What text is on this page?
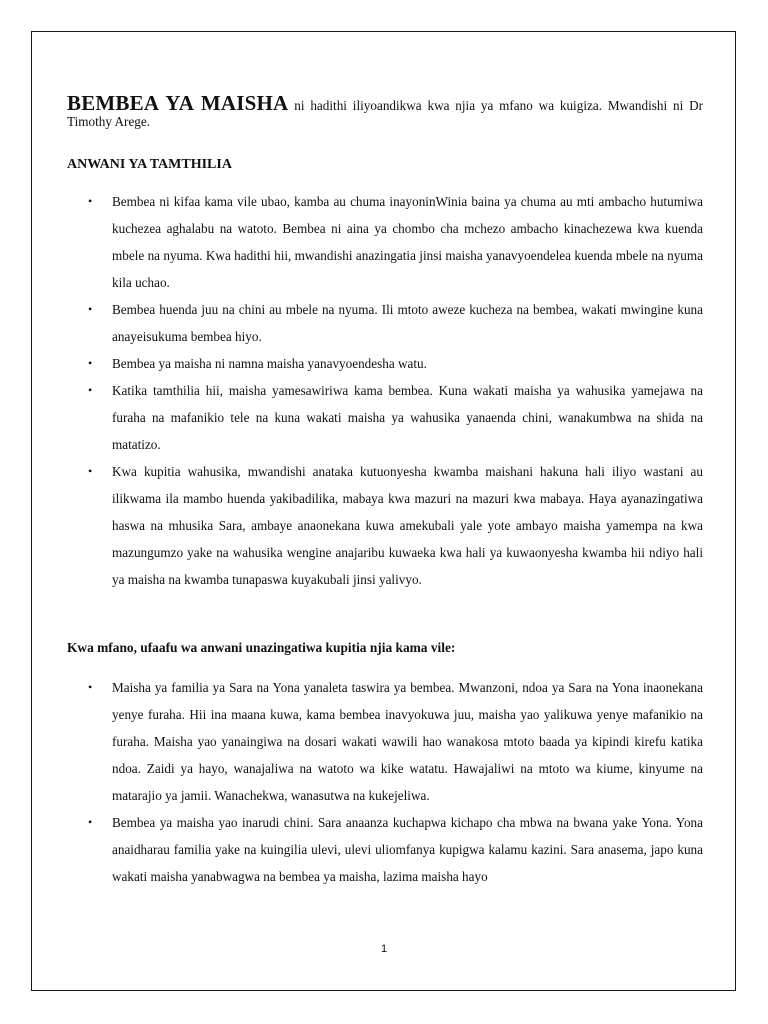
BEMBEA YA MAISHA ni hadithi iliyoandikwa kwa njia ya mfano wa kuigiza. Mwandishi ni Dr Timothy Arege.

ANWANI YA TAMTHILIA
• Bembea ni kifaa kama vile ubao, kamba au chuma inayoninWinia baina ya chuma au mti ambacho hutumiwa kuchezea aghalabu na watoto. Bembea ni aina ya chombo cha mchezo ambacho kinachezewa kwa kuenda mbele na nyuma. Kwa hadithi hii, mwandishi anazingatia jinsi maisha yanavyoendelea kuenda mbele na nyuma kila uchao.
• Bembea huenda juu na chini au mbele na nyuma. Ili mtoto aweze kucheza na bembea, wakati mwingine kuna anayeisukuma bembea hiyo.
• Bembea ya maisha ni namna maisha yanavyoendesha watu.
• Katika tamthilia hii, maisha yamesawiriwa kama bembea. Kuna wakati maisha ya wahusika yamejawa na furaha na mafanikio tele na kuna wakati maisha ya wahusika yanaenda chini, wanakumbwa na shida na matatizo.
• Kwa kupitia wahusika, mwandishi anataka kutuonyesha kwamba maishani hakuna hali iliyo wastani au ilikwama ila mambo huenda yakibadilika, mabaya kwa mazuri na mazuri kwa mabaya. Haya ayanazingatiwa haswa na mhusika Sara, ambaye anaonekana kuwa amekubali yale yote ambayo maisha yamempa na kwa mazungumzo yake na wahusika wengine anajaribu kuwaeka kwa hali ya kuwaonyesha kwamba hii ndiyo hali ya maisha na kwamba tunapaswa kuyakubali jinsi yalivyo.
Kwa mfano, ufaafu wa anwani unazingatiwa kupitia njia kama vile:
• Maisha ya familia ya Sara na Yona yanaleta taswira ya bembea. Mwanzoni, ndoa ya Sara na Yona inaonekana yenye furaha. Hii ina maana kuwa, kama bembea inavyokuwa juu, maisha yao yalikuwa yenye mafanikio na furaha. Maisha yao yanaingiwa na dosari wakati wawili hao wanakosa mtoto baada ya kipindi kirefu katika ndoa. Zaidi ya hayo, wanajaliwa na watoto wa kike watatu. Hawajaliwi na mtoto wa kiume, kinyume na matarajio ya jamii. Wanachekwa, wanasutwa na kukejeliwa.
• Bembea ya maisha yao inarudi chini. Sara anaanza kuchapwa kichapo cha mbwa na bwana yake Yona. Yona anaidharau familia yake na kuingilia ulevi, ulevi uliomfanya kupigwa kalamu kazini. Sara anasema, japo kuna wakati maisha yanabwagwa na bembea ya maisha, lazima maisha hayo
1
